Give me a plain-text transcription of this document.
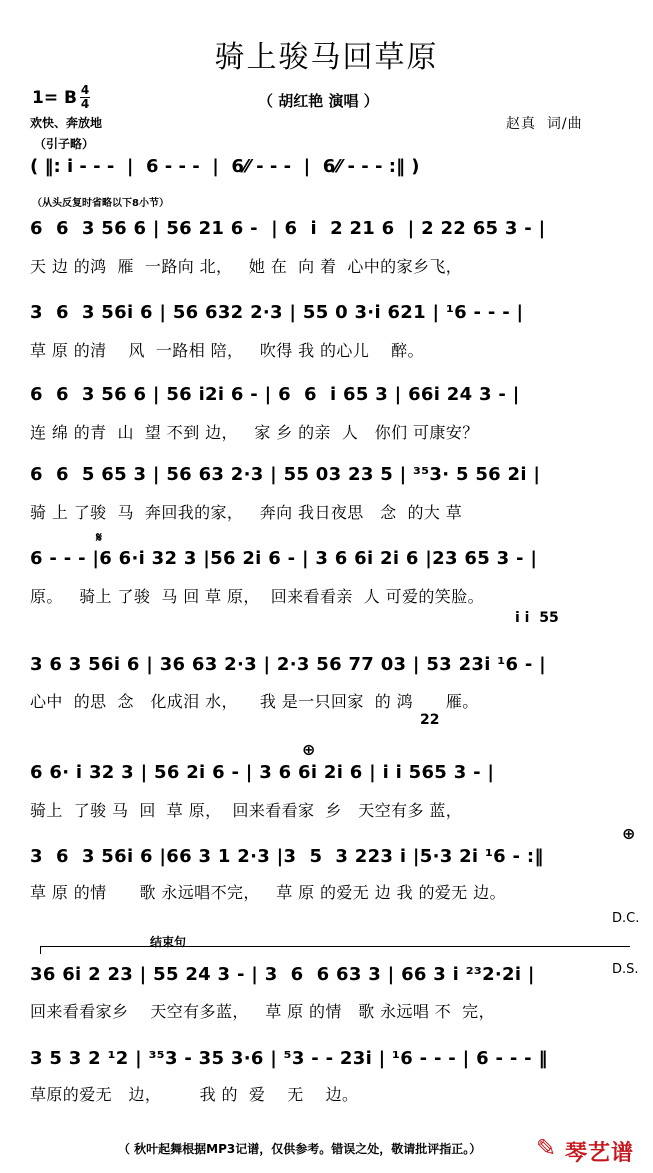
骑上骏马回草原
1= B 4
4	（ 胡红艳 演唱 ）
欢快、奔放地	赵真  词/曲
（引子略）
( ‖: i - - -  |  6 - - -  |  6⁄⁄ - - -  |  6⁄⁄ - - - :‖ )
（从头反复时省略以下8小节）
6  6  3 56 6 | 56 21 6 -  | 6  i  2 21 6  | 2 22 65 3 - |
天 边 的鸿  雁  一路向 北，   她 在  向 着  心中的家乡飞，
3  6  3 56i 6 | 56 632 2·3 | 55 0 3·i 621 | ¹6 - - - |
草 原 的清    风  一路相 陪，   吹得 我 的心儿    醉。
6  6  3 56 6 | 56 i2i 6 - | 6  6  i 65 3 | 66i 24 3 - |
连 绵 的青  山  望 不到 边，   家 乡 的亲  人   你们 可康安？
6  6  5 65 3 | 56 63 2·3 | 55 03 23 5 | ³⁵3· 5 56 2i |
骑 上 了骏  马  奔回我的家，   奔向 我日夜思   念  的大 草
𝄋
6 - - - |6 6·i 32 3 |56 2i 6 - | 3 6 6i 2i 6 |23 65 3 - |
原。   骑上 了骏  马 回 草 原，  回来看看亲  人 可爱的笑脸。
i i  55
3 6 3 56i 6 | 36 63 2·3 | 2·3 56 77 03 | 53 23i ¹6 - |
心中  的思  念   化成泪 水，    我 是一只回家  的 鸿      雁。
22
⊕
6 6· i 32 3 | 56 2i 6 - | 3 6 6i 2i 6 | i i 565 3 - |
骑上  了骏 马  回  草 原，  回来看看家  乡   天空有多 蓝，
⊕
3  6  3 56i 6 |66 3 1 2·3 |3  5  3 223 i |5·3 2i ¹6 - :‖
草 原 的情      歌 永远唱不完，   草 原 的爱无 边 我 的爱无 边。

D.C.

D.S.

结束句
36 6i 2 23 | 55 24 3 - | 3  6  6 63 3 | 66 3 i ²³2·2i |
回来看看家乡    天空有多蓝，   草 原 的情   歌 永远唱 不  完，
3 5 3 2 ¹2 | ³⁵3 - 35 3·6 | ⁵3 - - 23i | ¹6 - - - | 6 - - - ‖
草原的爱无   边，       我 的  爱    无    边。
（ 秋叶起舞根据MP3记谱，仅供参考。错误之处，敬请批评指正。） ✎ 琴艺谱
